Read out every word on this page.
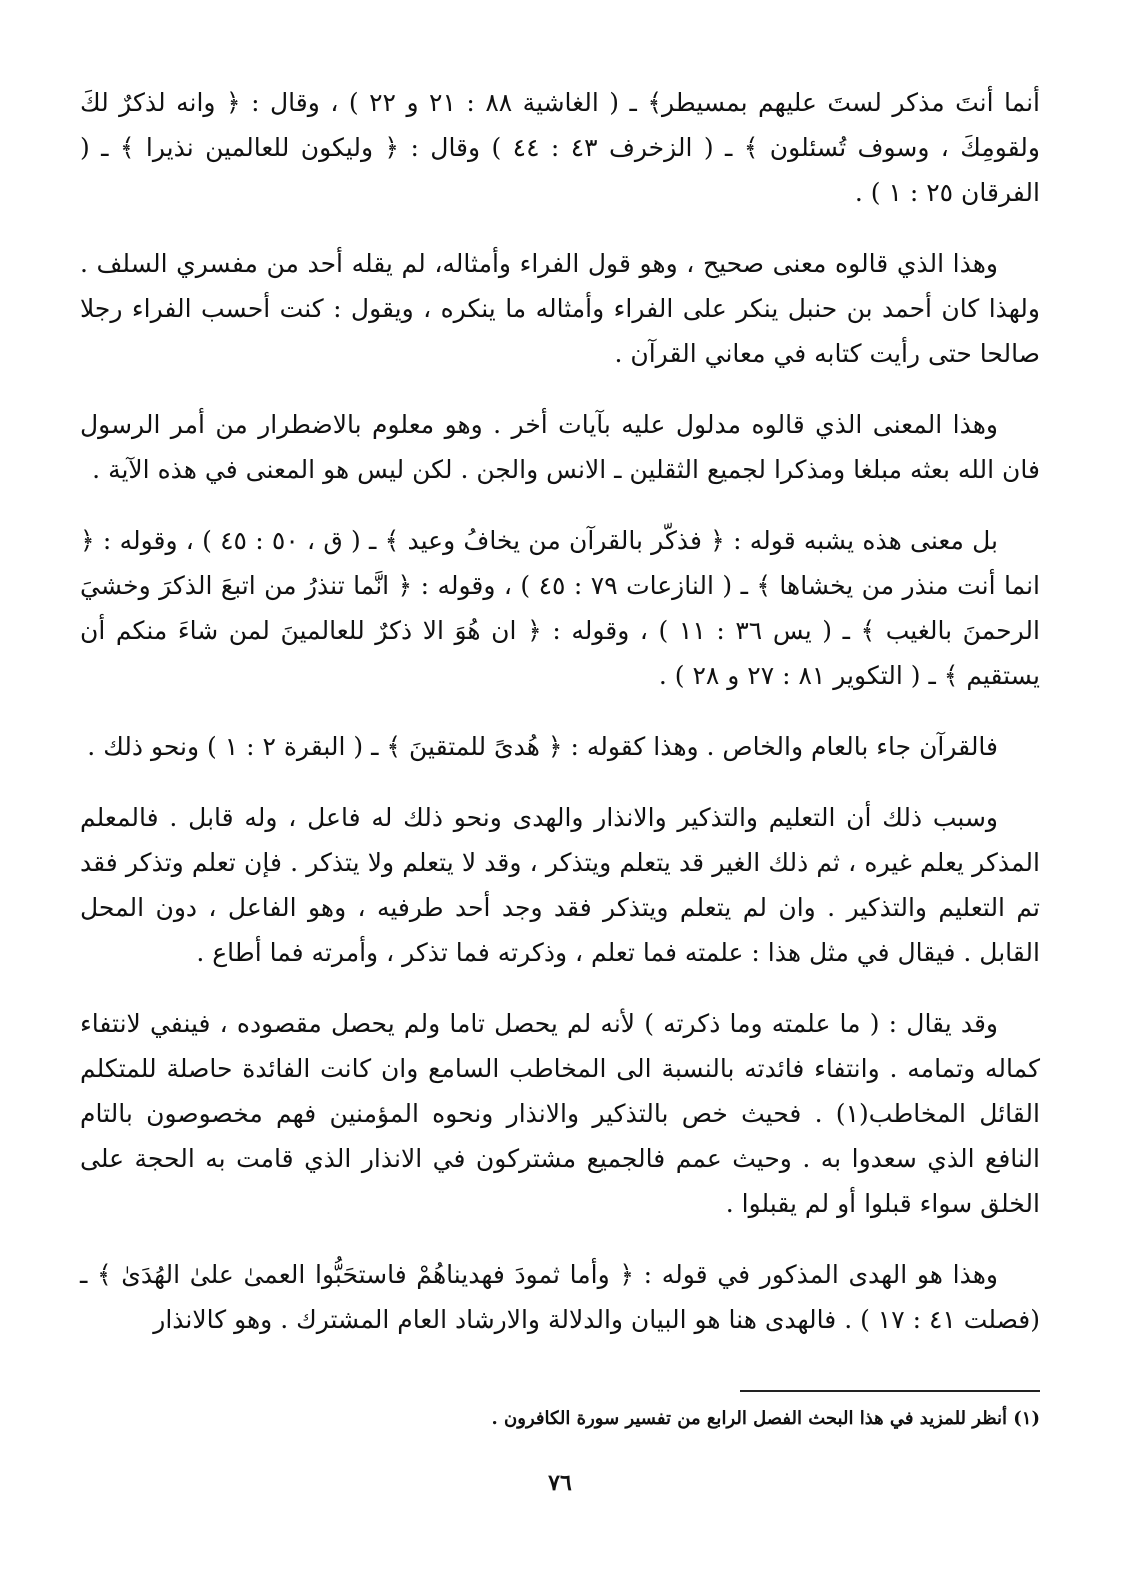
أنما أنتَ مذكر لستَ عليهم بمسيطر﴾ ـ ( الغاشية ٨٨ : ٢١ و ٢٢ ) ، وقال : ﴿ وانه لذكرٌ لكَ ولقومِكَ ، وسوف تُسئلون ﴾ ـ ( الزخرف ٤٣ : ٤٤ ) وقال : ﴿ وليكون للعالمين نذيرا ﴾ ـ ( الفرقان ٢٥ : ١ ) .

وهذا الذي قالوه معنى صحيح ، وهو قول الفراء وأمثاله، لم يقله أحد من مفسري السلف . ولهذا كان أحمد بن حنبل ينكر على الفراء وأمثاله ما ينكره ، ويقول : كنت أحسب الفراء رجلا صالحا حتى رأيت كتابه في معاني القرآن .

وهذا المعنى الذي قالوه مدلول عليه بآيات أخر . وهو معلوم بالاضطرار من أمر الرسول فان الله بعثه مبلغا ومذكرا لجميع الثقلين ـ الانس والجن . لكن ليس هو المعنى في هذه الآية .

بل معنى هذه يشبه قوله : ﴿ فذكّر بالقرآن من يخافُ وعيد ﴾ ـ ( ق ، ٥٠ : ٤٥ ) ، وقوله : ﴿ انما أنت منذر من يخشاها ﴾ ـ ( النازعات ٧٩ : ٤٥ ) ، وقوله : ﴿ انَّما تنذرُ من اتبعَ الذكرَ وخشيَ الرحمنَ بالغيب ﴾ ـ ( يس ٣٦ : ١١ ) ، وقوله : ﴿ ان هُوَ الا ذكرٌ للعالمينَ لمن شاءَ منكم أن يستقيم ﴾ ـ ( التكوير ٨١ : ٢٧ و ٢٨ ) .

فالقرآن جاء بالعام والخاص . وهذا كقوله : ﴿ هُدىً للمتقينَ ﴾ ـ ( البقرة ٢ : ١ ) ونحو ذلك .

وسبب ذلك أن التعليم والتذكير والانذار والهدى ونحو ذلك له فاعل ، وله قابل . فالمعلم المذكر يعلم غيره ، ثم ذلك الغير قد يتعلم ويتذكر ، وقد لا يتعلم ولا يتذكر . فإن تعلم وتذكر فقد تم التعليم والتذكير . وان لم يتعلم ويتذكر فقد وجد أحد طرفيه ، وهو الفاعل ، دون المحل القابل . فيقال في مثل هذا : علمته فما تعلم ، وذكرته فما تذكر ، وأمرته فما أطاع .

وقد يقال : ( ما علمته وما ذكرته ) لأنه لم يحصل تاما ولم يحصل مقصوده ، فينفي لانتفاء كماله وتمامه . وانتفاء فائدته بالنسبة الى المخاطب السامع وان كانت الفائدة حاصلة للمتكلم القائل المخاطب(١) . فحيث خص بالتذكير والانذار ونحوه المؤمنين فهم مخصوصون بالتام النافع الذي سعدوا به . وحيث عمم فالجميع مشتركون في الانذار الذي قامت به الحجة على الخلق سواء قبلوا أو لم يقبلوا .

وهذا هو الهدى المذكور في قوله : ﴿ وأما ثمودَ فهديناهُمْ فاستحَبُّوا العمىٰ علىٰ الهُدَىٰ ﴾ ـ (فصلت ٤١ : ١٧ ) . فالهدى هنا هو البيان والدلالة والارشاد العام المشترك . وهو كالانذار

(١) أنظر للمزيد في هذا البحث الفصل الرابع من تفسير سورة الكافرون .
٧٦
